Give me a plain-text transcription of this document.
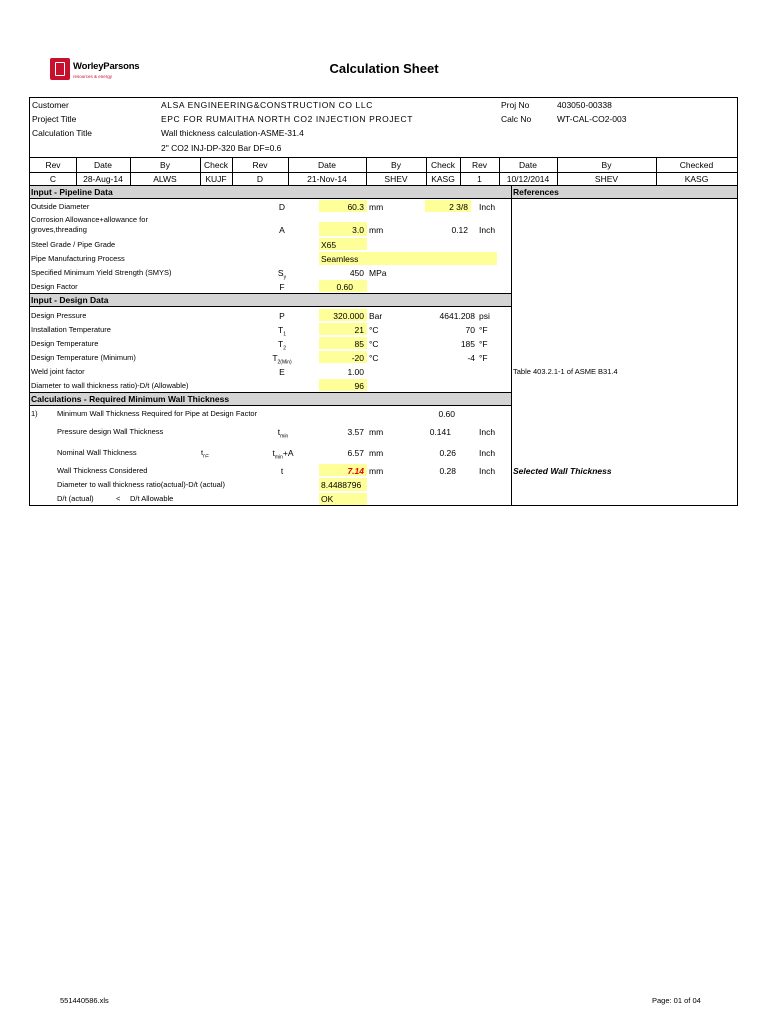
WorleyParsons
resources & energy
Calculation Sheet
Customer	ALSA ENGINEERING&CONSTRUCTION CO LLC
Project Title	EPC FOR RUMAITHA NORTH CO2 INJECTION PROJECT
Calculation Title	Wall thickness calculation-ASME-31.4
2" CO2 INJ-DP-320 Bar DF=0.6
Proj No	403050-00338
Calc No	WT-CAL-CO2-003
Rev	Date	By	Check	Rev	Date	By	Check	Rev	Date	By	Checked
C	28-Aug-14	ALWS	KUJF	D	21-Nov-14	SHEV	KASG	1	10/12/2014	SHEV	KASG
Input - Pipeline Data	References
Outside Diameter	D	60.3 mm	2 3/8 Inch
Corrosion Allowance+allowance for
groves,threading	A	3.0 mm	0.12 Inch
Steel Grade / Pipe Grade	X65
Pipe Manufacturing Process	Seamless
Specified Minimum Yield Strength (SMYS)	$S_y$	450 MPa
Design Factor	F	0.60
Input - Design Data
Design Pressure	P	320.000 Bar	4641.208 psi
Installation Temperature	$T_1$	21 °C	70 °F
Design Temperature	$T_2$	85 °C	185 °F
Design Temperature (Minimum)	$T_{2(Min)}$	-20 °C	-4 °F
Weld joint factor	E	1.00	Table 403.2.1-1 of ASME B31.4
Diameter to wall thickness ratio)-D/t (Allowable)	96
Calculations - Required Minimum Wall Thickness
1)	Minimum Wall Thickness Required for Pipe at Design Factor	0.60
Pressure design Wall Thickness	$t_{min}$	3.57 mm	0.141	Inch
Nominal Wall Thickness	$t_{n=}$	$t_{min}+A$	6.57 mm	0.26	Inch
Wall Thickness Considered	t	7.14 mm	0.28	Inch Selected Wall Thickness
Diameter to wall thickness ratio(actual)-D/t (actual)	8.4488796
D/t (actual)	< D/t Allowable	OK
551440586.xls	Page: 01 of 04
